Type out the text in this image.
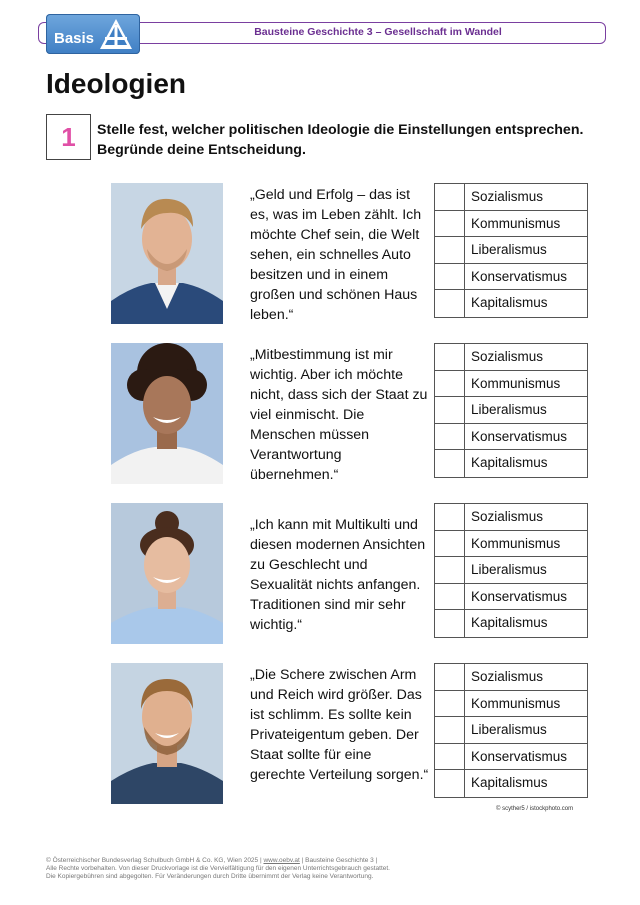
Bausteine Geschichte 3 – Gesellschaft im Wandel
Basis
Ideologien
1	Stelle fest, welcher politischen Ideologie die Einstellungen entsprechen. Begründe deine Entscheidung.
„Geld und Erfolg – das ist es, was im Leben zählt. Ich möchte Chef sein, die Welt sehen, ein schnelles Auto besitzen und in einem großen und schönen Haus leben.“
Sozialismus
Kommunismus
Liberalismus
Konservatismus
Kapitalismus
„Mitbestimmung ist mir wichtig. Aber ich möchte nicht, dass sich der Staat zu viel einmischt. Die Menschen müssen Verantwortung übernehmen.“
Sozialismus
Kommunismus
Liberalismus
Konservatismus
Kapitalismus
„Ich kann mit Multikulti und diesen modernen Ansichten zu Geschlecht und Sexualität nichts anfangen. Traditionen sind mir sehr wichtig.“
Sozialismus
Kommunismus
Liberalismus
Konservatismus
Kapitalismus
„Die Schere zwischen Arm und Reich wird größer. Das ist schlimm. Es sollte kein Privateigentum geben. Der Staat sollte für eine gerechte Verteilung sorgen.“
Sozialismus
Kommunismus
Liberalismus
Konservatismus
Kapitalismus
© scyther5 / istockphoto.com
© Österreichischer Bundesverlag Schulbuch GmbH & Co. KG, Wien 2025 | www.oebv.at | Bausteine Geschichte 3 |
Alle Rechte vorbehalten. Von dieser Druckvorlage ist die Vervielfältigung für den eigenen Unterrichtsgebrauch gestattet.
Die Kopiergebühren sind abgegolten. Für Veränderungen durch Dritte übernimmt der Verlag keine Verantwortung.
